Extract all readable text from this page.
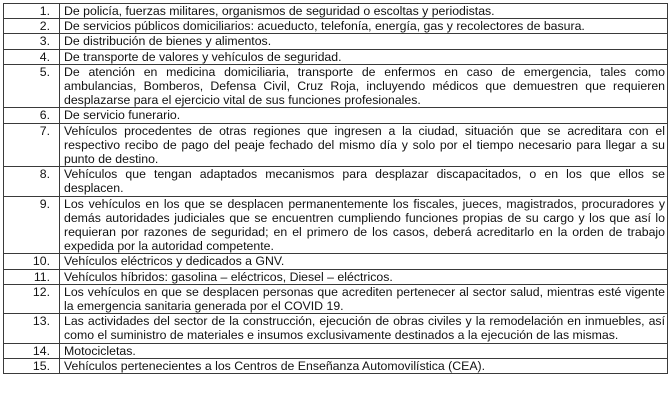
1.	De policía, fuerzas militares, organismos de seguridad o escoltas y periodistas.
2.	De servicios públicos domiciliarios: acueducto, telefonía, energía, gas y recolectores de basura.
3.	De distribución de bienes y alimentos.
4.	De transporte de valores y vehículos de seguridad.
5.	De atención en medicina domiciliaria, transporte de enfermos en caso de emergencia, tales como ambulancias, Bomberos, Defensa Civil, Cruz Roja, incluyendo médicos que demuestren que requieren desplazarse para el ejercicio vital de sus funciones profesionales.
6.	De servicio funerario.
7.	Vehículos procedentes de otras regiones que ingresen a la ciudad, situación que se acreditara con el respectivo recibo de pago del peaje fechado del mismo día y solo por el tiempo necesario para llegar a su punto de destino.
8.	Vehículos que tengan adaptados mecanismos para desplazar discapacitados, o en los que ellos se desplacen.
9.	Los vehículos en los que se desplacen permanentemente los fiscales, jueces, magistrados, procuradores y demás autoridades judiciales que se encuentren cumpliendo funciones propias de su cargo y los que así lo requieran por razones de seguridad; en el primero de los casos, deberá acreditarlo en la orden de trabajo expedida por la autoridad competente.
10.	Vehículos eléctricos y dedicados a GNV.
11.	Vehículos híbridos: gasolina – eléctricos, Diesel – eléctricos.
12.	Los vehículos en que se desplacen personas que acrediten pertenecer al sector salud, mientras esté vigente la emergencia sanitaria generada por el COVID 19.
13.	Las actividades del sector de la construcción, ejecución de obras civiles y la remodelación en inmuebles, así como el suministro de materiales e insumos exclusivamente destinados a la ejecución de las mismas.
14.	Motocicletas.
15.	Vehículos pertenecientes a los Centros de Enseñanza Automovilística (CEA).
